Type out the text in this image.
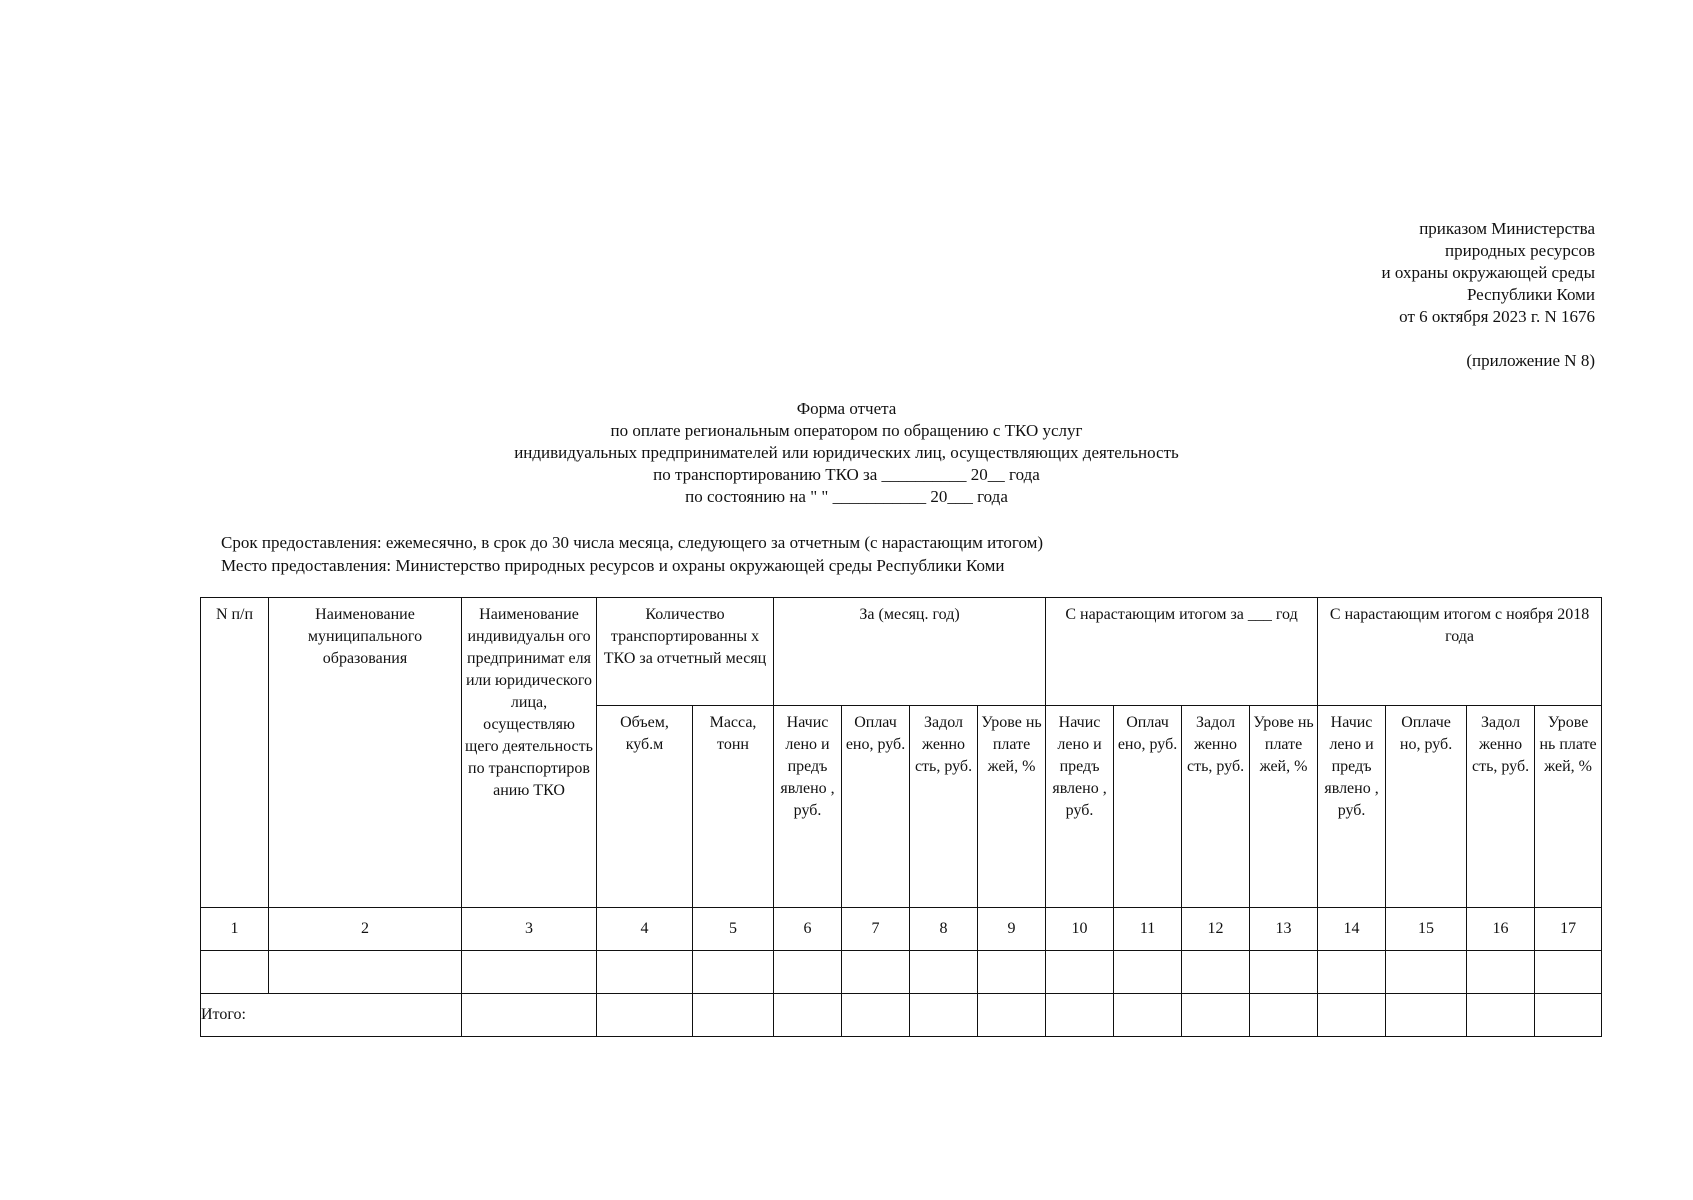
приказом Министерства
природных ресурсов
и охраны окружающей среды
Республики Коми
от 6 октября 2023 г. N 1676
(приложение N 8)
Форма отчета
по оплате региональным оператором по обращению с ТКО услуг
индивидуальных предпринимателей или юридических лиц, осуществляющих деятельность
по транспортированию ТКО за __________ 20__ года
по состоянию на " " ___________ 20___ года
Срок предоставления: ежемесячно, в срок до 30 числа месяца, следующего за отчетным (с нарастающим итогом)
Место предоставления: Министерство природных ресурсов и охраны окружающей среды Республики Коми
N п/п	Наименование муниципального образования	Наименование индивидуальн ого предпринимат еля или юридического лица, осуществляю щего деятельность по транспортиров анию ТКО	Количество транспортированны х ТКО за отчетный месяц		За (месяц. год)				С нарастающим итогом за ___ год				С нарастающим итогом с ноября 2018 года			
			Объем, куб.м	Масса, тонн	Начис лено и предъ явлено , руб.	Оплач ено, руб.	Задол женно сть, руб.	Урове нь плате жей, %	Начис лено и предъ явлено , руб.	Оплач ено, руб.	Задол женно сть, руб.	Урове нь плате жей, %	Начис лено и предъ явлено , руб.	Оплаче но, руб.	Задол женно сть, руб.	Урове нь плате жей, %
1	2	3	4	5	6	7	8	9	10	11	12	13	14	15	16	17

Итого:																
